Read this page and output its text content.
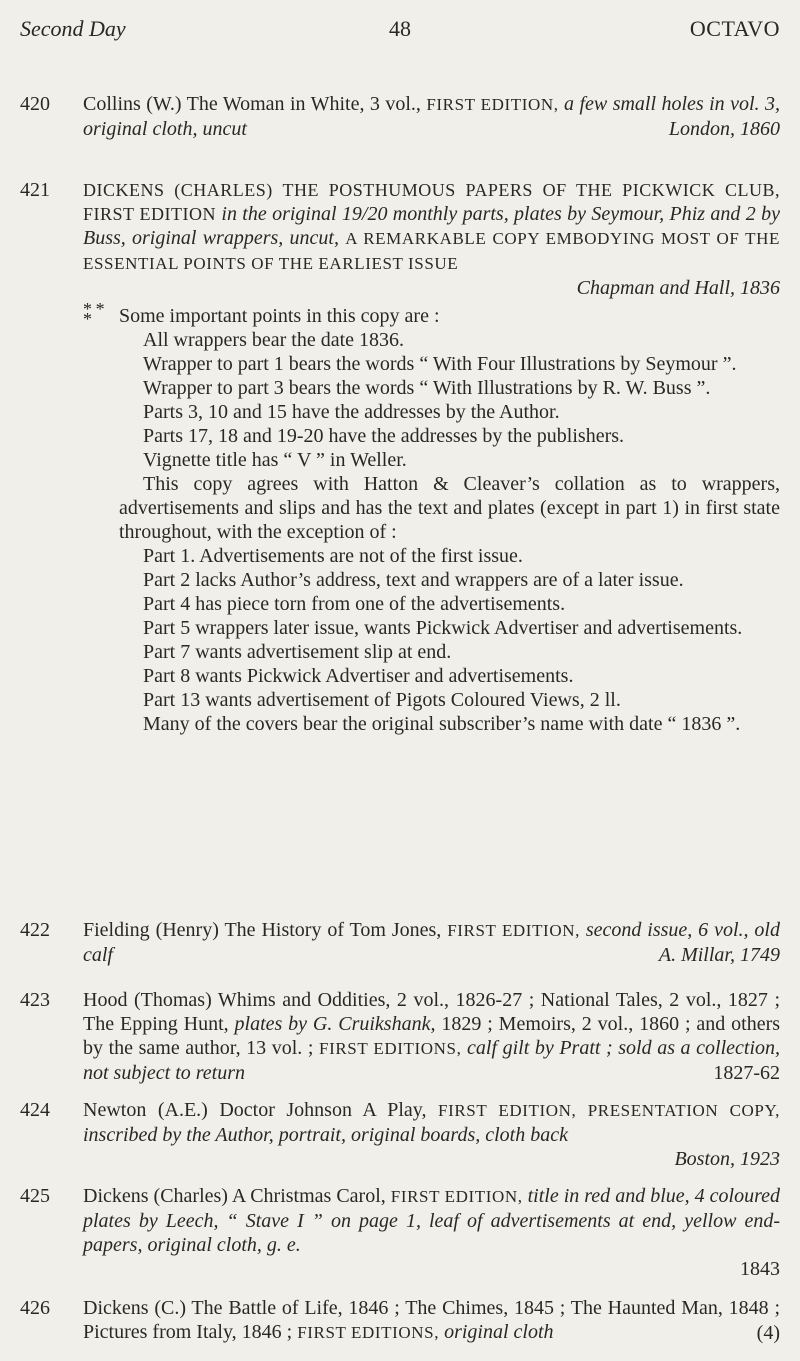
Second Day	48	OCTAVO
420	Collins (W.) The Woman in White, 3 vol., FIRST EDITION, a few small holes in vol. 3, original cloth, uncut	London, 1860
421	DICKENS (CHARLES) THE POSTHUMOUS PAPERS OF THE PICKWICK CLUB, FIRST EDITION in the original 19/20 monthly parts, plates by Seymour, Phiz and 2 by Buss, original wrappers, uncut, A REMARKABLE COPY EMBODYING MOST OF THE ESSENTIAL POINTS OF THE EARLIEST ISSUE

Chapman and Hall, 1836
* *
*	Some important points in this copy are :

All wrappers bear the date 1836.

Wrapper to part 1 bears the words “ With Four Illustrations by Seymour ”.

Wrapper to part 3 bears the words “ With Illustrations by R. W. Buss ”.

Parts 3, 10 and 15 have the addresses by the Author.

Parts 17, 18 and 19-20 have the addresses by the publishers.

Vignette title has “ V ” in Weller.

This copy agrees with Hatton & Cleaver’s collation as to wrappers, advertisements and slips and has the text and plates (except in part 1) in first state throughout, with the exception of :

Part 1. Advertisements are not of the first issue.

Part 2 lacks Author’s address, text and wrappers are of a later issue.

Part 4 has piece torn from one of the advertisements.

Part 5 wrappers later issue, wants Pickwick Advertiser and advertisements.

Part 7 wants advertisement slip at end.

Part 8 wants Pickwick Advertiser and advertisements.

Part 13 wants advertisement of Pigots Coloured Views, 2 ll.

Many of the covers bear the original subscriber’s name with date “ 1836 ”.

422	Fielding (Henry) The History of Tom Jones, FIRST EDITION, second issue, 6 vol., old calf	A. Millar, 1749
423	Hood (Thomas) Whims and Oddities, 2 vol., 1826-27 ; National Tales, 2 vol., 1827 ; The Epping Hunt, plates by G. Cruikshank, 1829 ; Memoirs, 2 vol., 1860 ; and others by the same author, 13 vol. ; FIRST EDITIONS, calf gilt by Pratt ; sold as a collection, not subject to return	1827-62
424	Newton (A.E.) Doctor Johnson A Play, FIRST EDITION, PRESENTATION COPY, inscribed by the Author, portrait, original boards, cloth back

Boston, 1923
425	Dickens (Charles) A Christmas Carol, FIRST EDITION, title in red and blue, 4 coloured plates by Leech, “ Stave I ” on page 1, leaf of advertisements at end, yellow end-papers, original cloth, g. e.

1843
426	Dickens (C.) The Battle of Life, 1846 ; The Chimes, 1845 ; The Haunted Man, 1848 ; Pictures from Italy, 1846 ; FIRST EDITIONS, original cloth	(4)
